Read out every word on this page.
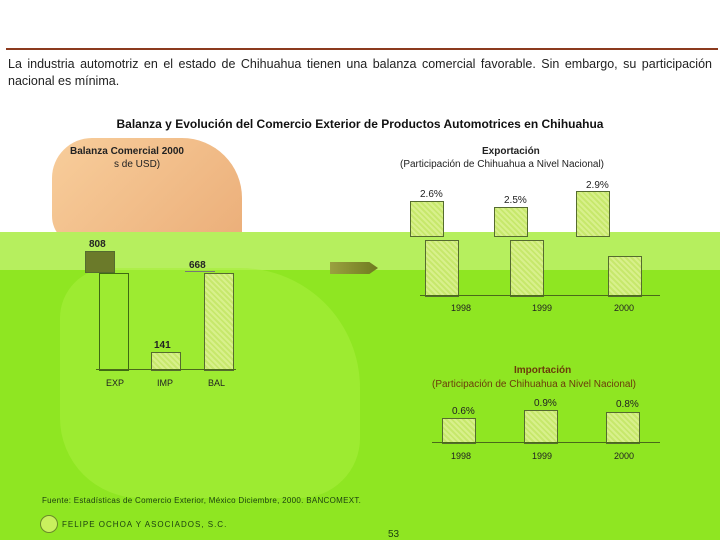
La industria automotriz en el estado de Chihuahua tienen una balanza comercial favorable. Sin embargo, su participación nacional es mínima.
Balanza y Evolución del Comercio Exterior de Productos Automotrices en Chihuahua
Balanza Comercial 2000
s de USD)
808
668
141
EXP	IMP	BAL
Exportación
(Participación de Chihuahua a Nivel Nacional)
2.6%
2.5%
2.9%
1998	1999	2000
Importación
(Participación de Chihuahua a Nivel Nacional)
0.6%
0.9%	0.8%
1998	1999	2000
Fuente: Estadísticas de Comercio Exterior, México Diciembre, 2000. BANCOMEXT.
FELIPE OCHOA Y ASOCIADOS, S.C.
53
